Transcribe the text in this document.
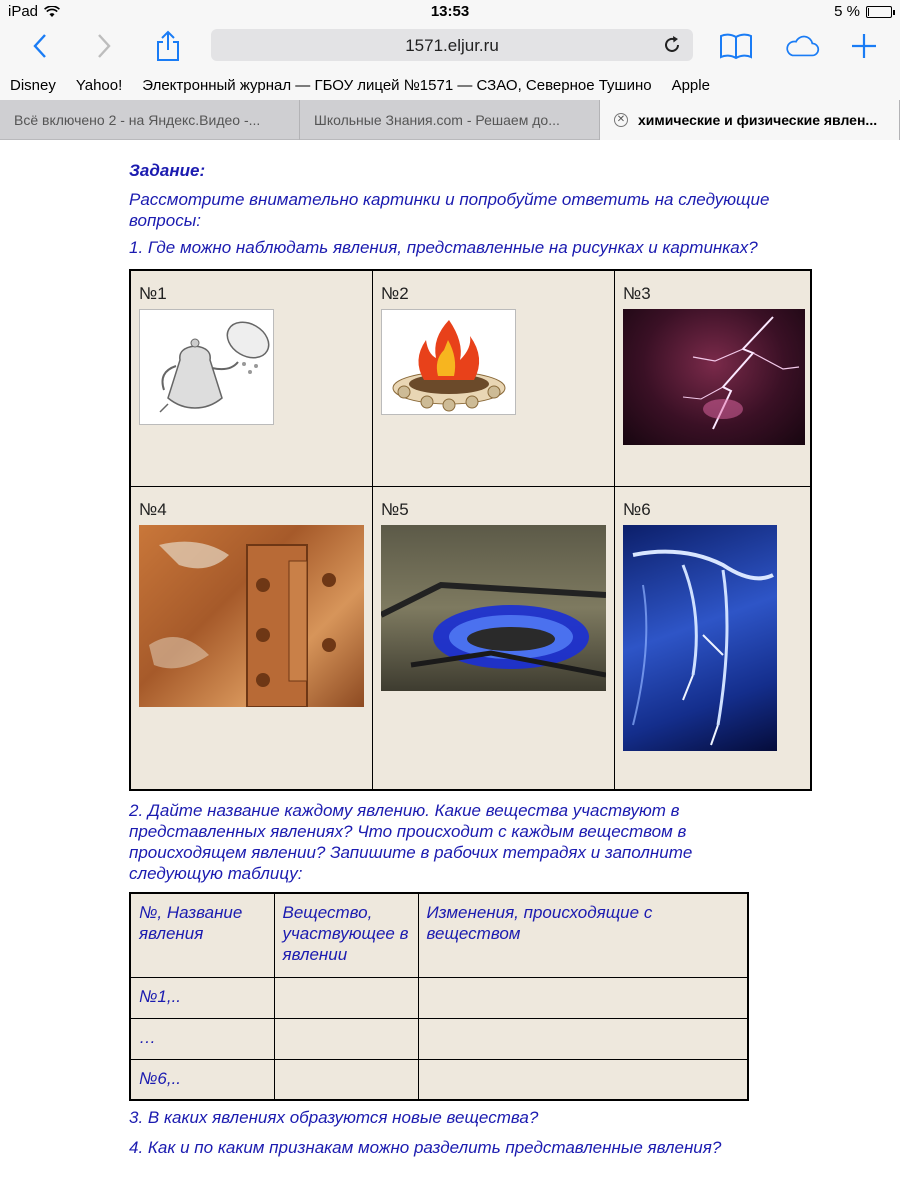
iPad	13:53	5 %
1571.eljur.ru
Disney	Yahoo!	Электронный журнал — ГБОУ лицей №1571 — СЗАО, Северное Тушино	Apple
Всё включено 2 - на Яндекс.Видео -...	Школьные Знания.com - Решаем до...	✕ химические и физические явлен...

Задание:

Рассмотрите внимательно картинки и попробуйте ответить на следующие вопросы:

1. Где можно наблюдать явления, представленные на рисунках и картинках?

№1	№2	№3
№4	№5	№6

2. Дайте название каждому явлению. Какие вещества участвуют в представленных явлениях? Что происходит с каждым веществом в происходящем явлении? Запишите в рабочих тетрадях и заполните следующую таблицу:

№, Название явления	Вещество, участвующее в явлении	Изменения, происходящие с веществом
№1,..		
…		
№6,..		

3. В каких явлениях образуются новые вещества?

4. Как и по каким признакам можно разделить представленные явления?
